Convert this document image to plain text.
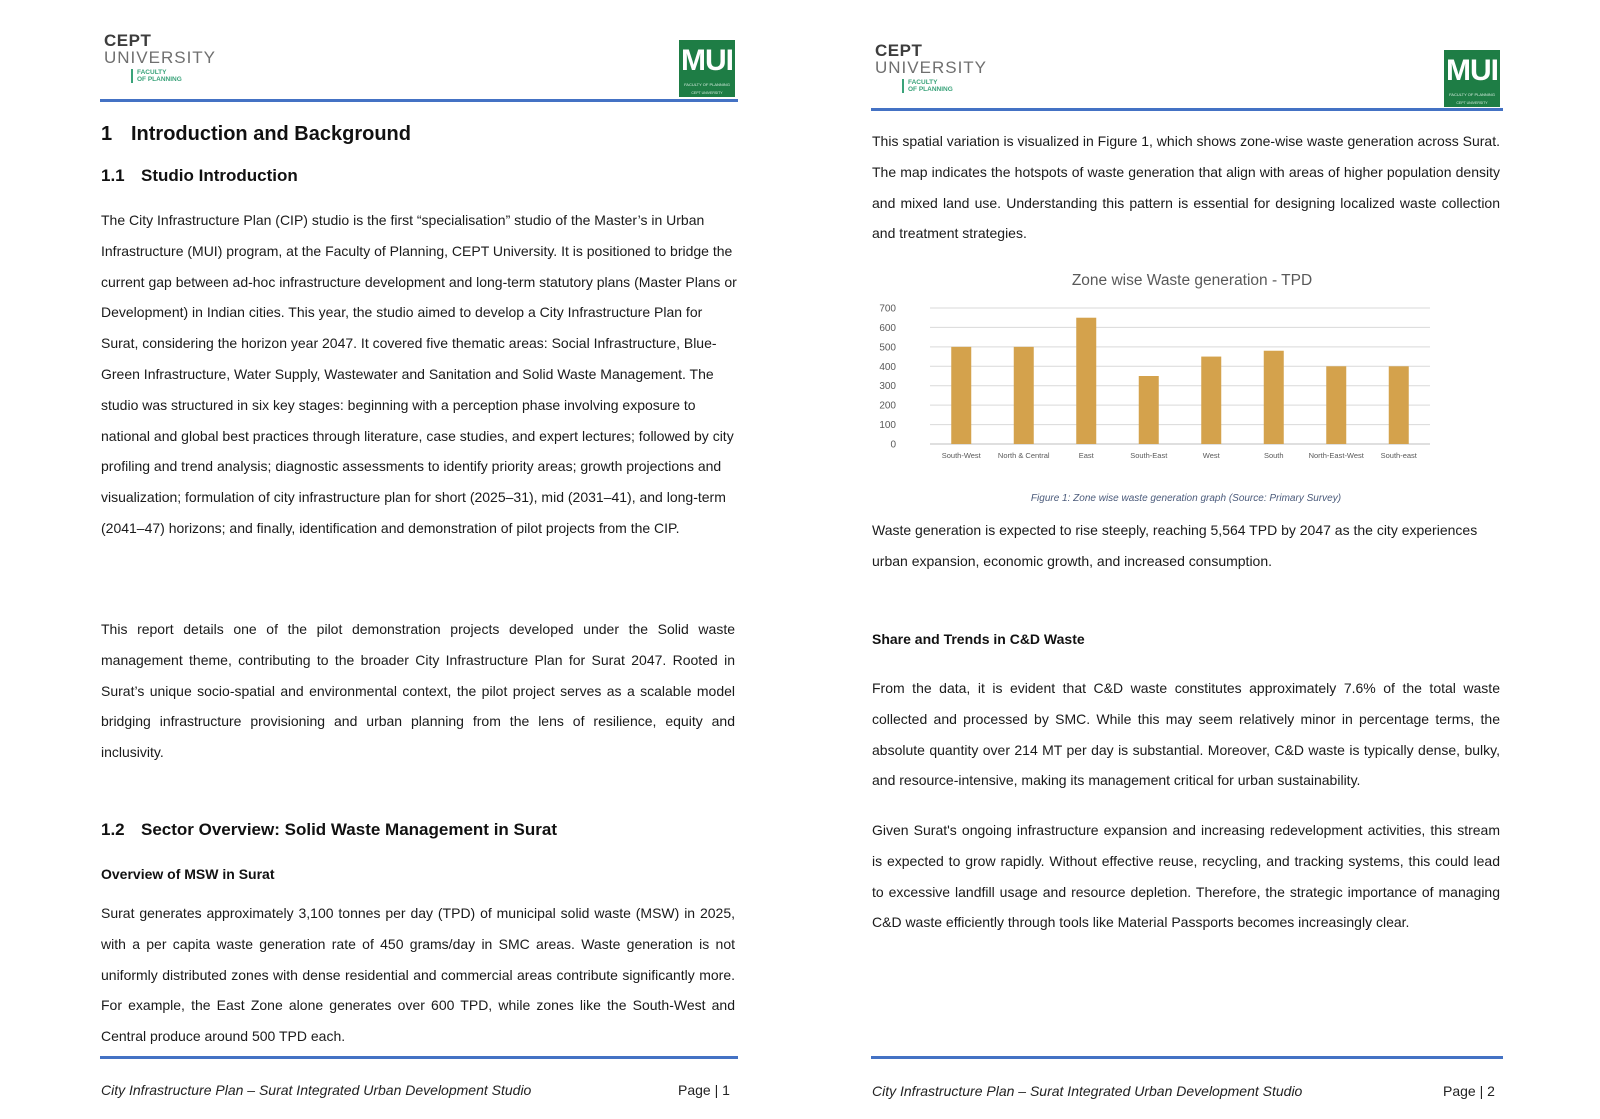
CEPT
UNIVERSITY
FACULTY
OF PLANNING
MUI
FACULTY OF PLANNING
CEPT UNIVERSITY
1 Introduction and Background
1.1 Studio Introduction

The City Infrastructure Plan (CIP) studio is the first “specialisation” studio of the Master’s in Urban Infrastructure (MUI) program, at the Faculty of Planning, CEPT University. It is positioned to bridge the current gap between ad-hoc infrastructure development and long-term statutory plans (Master Plans or Development) in Indian cities. This year, the studio aimed to develop a City Infrastructure Plan for Surat, considering the horizon year 2047. It covered five thematic areas: Social Infrastructure, Blue-Green Infrastructure, Water Supply, Wastewater and Sanitation and Solid Waste Management. The studio was structured in six key stages: beginning with a perception phase involving exposure to national and global best practices through literature, case studies, and expert lectures; followed by city profiling and trend analysis; diagnostic assessments to identify priority areas; growth projections and visualization; formulation of city infrastructure plan for short (2025–31), mid (2031–41), and long-term (2041–47) horizons; and finally, identification and demonstration of pilot projects from the CIP.

This report details one of the pilot demonstration projects developed under the Solid waste management theme, contributing to the broader City Infrastructure Plan for Surat 2047. Rooted in Surat’s unique socio-spatial and environmental context, the pilot project serves as a scalable model bridging infrastructure provisioning and urban planning from the lens of resilience, equity and inclusivity.

1.2 Sector Overview: Solid Waste Management in Surat
Overview of MSW in Surat

Surat generates approximately 3,100 tonnes per day (TPD) of municipal solid waste (MSW) in 2025, with a per capita waste generation rate of 450 grams/day in SMC areas. Waste generation is not uniformly distributed zones with dense residential and commercial areas contribute significantly more. For example, the East Zone alone generates over 600 TPD, while zones like the South-West and Central produce around 500 TPD each.

City Infrastructure Plan – Surat Integrated Urban Development Studio	Page | 1
CEPT
UNIVERSITY
FACULTY
OF PLANNING
MUI
FACULTY OF PLANNING
CEPT UNIVERSITY

This spatial variation is visualized in Figure 1, which shows zone-wise waste generation across Surat. The map indicates the hotspots of waste generation that align with areas of higher population density and mixed land use. Understanding this pattern is essential for designing localized waste collection and treatment strategies.

Zone wise Waste generation - TPD
0
100
200
300
400
500
600
700
South-West North & Central	East	South-East	West	South	North-East-West South-east
Figure 1: Zone wise waste generation graph (Source: Primary Survey)

Waste generation is expected to rise steeply, reaching 5,564 TPD by 2047 as the city experiences urban expansion, economic growth, and increased consumption.

Share and Trends in C&D Waste

From the data, it is evident that C&D waste constitutes approximately 7.6% of the total waste collected and processed by SMC. While this may seem relatively minor in percentage terms, the absolute quantity over 214 MT per day is substantial. Moreover, C&D waste is typically dense, bulky, and resource-intensive, making its management critical for urban sustainability.

Given Surat's ongoing infrastructure expansion and increasing redevelopment activities, this stream is expected to grow rapidly. Without effective reuse, recycling, and tracking systems, this could lead to excessive landfill usage and resource depletion. Therefore, the strategic importance of managing C&D waste efficiently through tools like Material Passports becomes increasingly clear.

City Infrastructure Plan – Surat Integrated Urban Development Studio	Page | 2
